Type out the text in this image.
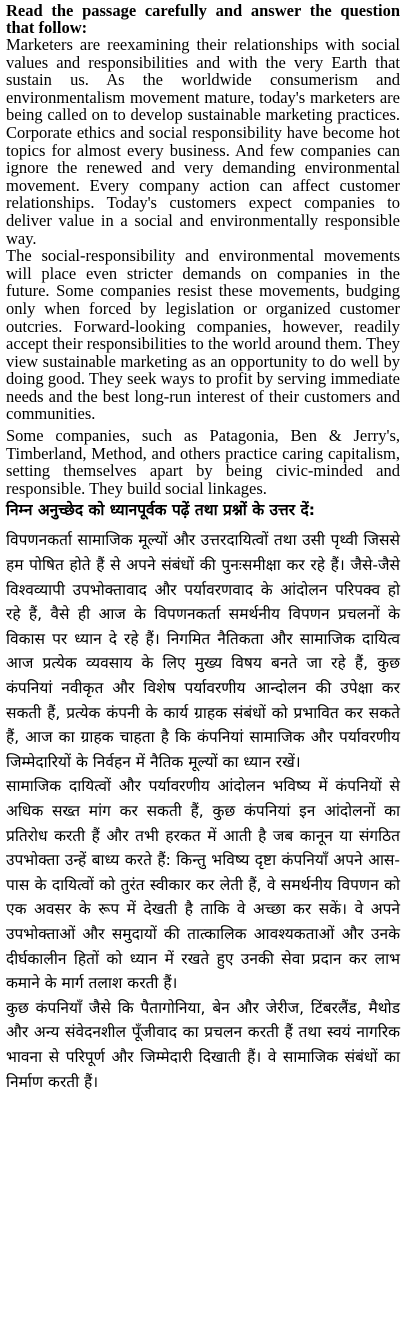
Read the passage carefully and answer the question that follow:

Marketers are reexamining their relationships with social values and responsibilities and with the very Earth that sustain us. As the worldwide consumerism and environmentalism movement mature, today's marketers are being called on to develop sustainable marketing practices. Corporate ethics and social responsibility have become hot topics for almost every business. And few companies can ignore the renewed and very demanding environmental movement. Every company action can affect customer relationships. Today's customers expect companies to deliver value in a social and environmentally responsible way.

The social-responsibility and environmental movements will place even stricter demands on companies in the future. Some companies resist these movements, budging only when forced by legislation or organized customer outcries. Forward-looking companies, however, readily accept their responsibilities to the world around them. They view sustainable marketing as an opportunity to do well by doing good. They seek ways to profit by serving immediate needs and the best long-run interest of their customers and communities.

Some companies, such as Patagonia, Ben & Jerry's, Timberland, Method, and others practice caring capitalism, setting themselves apart by being civic-minded and responsible. They build social linkages.

निम्न अनुच्छेद को ध्यानपूर्वक पढ़ें तथा प्रश्नों के उत्तर दें:

विपणनकर्ता सामाजिक मूल्यों और उत्तरदायित्वों तथा उसी पृथ्वी जिससे हम पोषित होते हैं से अपने संबंधों की पुनःसमीक्षा कर रहे हैं। जैसे-जैसे विश्वव्यापी उपभोक्तावाद और पर्यावरणवाद के आंदोलन परिपक्व हो रहे हैं, वैसे ही आज के विपणनकर्ता समर्थनीय विपणन प्रचलनों के विकास पर ध्यान दे रहे हैं। निगमित नैतिकता और सामाजिक दायित्व आज प्रत्येक व्यवसाय के लिए मुख्य विषय बनते जा रहे हैं, कुछ कंपनियां नवीकृत और विशेष पर्यावरणीय आन्दोलन की उपेक्षा कर सकती हैं, प्रत्येक कंपनी के कार्य ग्राहक संबंधों को प्रभावित कर सकते हैं, आज का ग्राहक चाहता है कि कंपनियां सामाजिक और पर्यावरणीय जिम्मेदारियों के निर्वहन में नैतिक मूल्यों का ध्यान रखें।

सामाजिक दायित्वों और पर्यावरणीय आंदोलन भविष्य में कंपनियों से अधिक सख्त मांग कर सकती हैं, कुछ कंपनियां इन आंदोलनों का प्रतिरोध करती हैं और तभी हरकत में आती है जब कानून या संगठित उपभोक्ता उन्हें बाध्य करते हैं: किन्तु भविष्य दृष्टा कंपनियाँ अपने आस-पास के दायित्वों को तुरंत स्वीकार कर लेती हैं, वे समर्थनीय विपणन को एक अवसर के रूप में देखती है ताकि वे अच्छा कर सकें। वे अपने उपभोक्ताओं और समुदायों की तात्कालिक आवश्यकताओं और उनके दीर्घकालीन हितों को ध्यान में रखते हुए उनकी सेवा प्रदान कर लाभ कमाने के मार्ग तलाश करती हैं।

कुछ कंपनियाँ जैसे कि पैतागोनिया, बेन और जेरीज, टिंबरलैंड, मैथोड और अन्य संवेदनशील पूँजीवाद का प्रचलन करती हैं तथा स्वयं नागरिक भावना से परिपूर्ण और जिम्मेदारी दिखाती हैं। वे सामाजिक संबंधों का निर्माण करती हैं।
